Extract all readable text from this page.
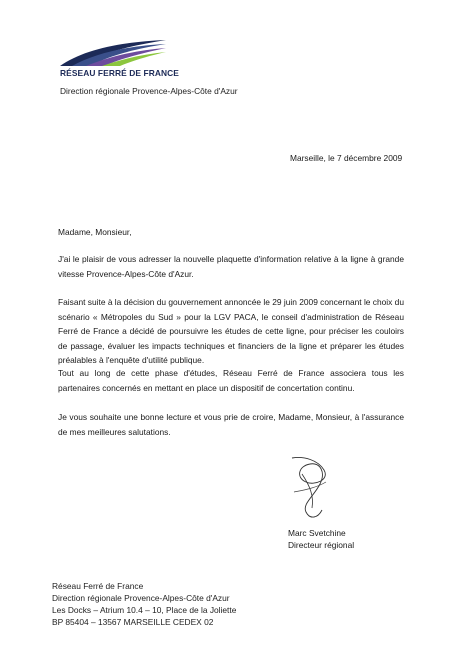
RÉSEAU FERRÉ DE FRANCE
Direction régionale Provence-Alpes-Côte d'Azur
Marseille, le 7 décembre 2009
Madame, Monsieur,
J'ai le plaisir de vous adresser la nouvelle plaquette d'information relative à la ligne à grande vitesse Provence-Alpes-Côte d'Azur.
Faisant suite à la décision du gouvernement annoncée le 29 juin 2009 concernant le choix du scénario « Métropoles du Sud » pour la LGV PACA, le conseil d'administration de Réseau Ferré de France a décidé de poursuivre les études de cette ligne, pour préciser les couloirs de passage, évaluer les impacts techniques et financiers de la ligne et préparer les études préalables à l'enquête d'utilité publique.
Tout au long de cette phase d'études, Réseau Ferré de France associera tous les partenaires concernés en mettant en place un dispositif de concertation continu.
Je vous souhaite une bonne lecture et vous prie de croire, Madame, Monsieur, à l'assurance de mes meilleures salutations.
Marc Svetchine
Directeur régional
Réseau Ferré de France
Direction régionale Provence-Alpes-Côte d'Azur
Les Docks – Atrium 10.4 – 10, Place de la Joliette
BP 85404 – 13567 MARSEILLE CEDEX 02
